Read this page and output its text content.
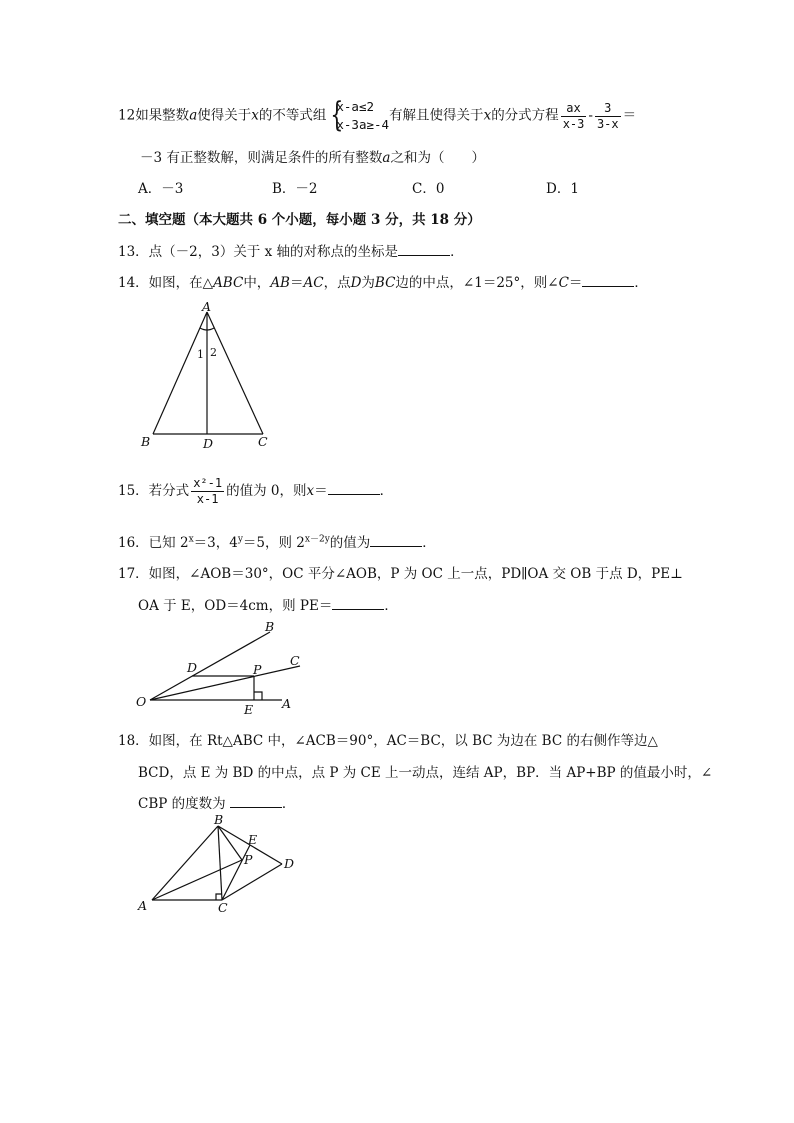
12如果整数a使得关于x的不等式组 {
x-a≤2
x-3a≥-4
有解且使得关于x的分式方程 $\frac{ax}{x-3} - \frac{3}{3-x}$ ＝
－3 有正整数解，则满足条件的所有整数a之和为（　　）
A．－3	B．－2	C．0	D．1
二、填空题（本大题共 6 个小题，每小题 3 分，共 18 分）
13．点（－2，3）关于 x 轴的对称点的坐标是	．
14．如图，在△ABC中，AB＝AC，点D为BC边的中点，∠1＝25°，则∠C＝	．
A
B	C
D
1 2
15．若分式 $\frac{\text{x²-1}}{x-1}$ 的值为 0，则x＝	．
16．已知 $2^x=3$，$4^y=5$，则 $2^{x-2y}$的值为	．
17．如图，∠AOB＝30°，OC 平分∠AOB，P 为 OC 上一点，PD∥OA 交 OB 于点 D，PE⊥
OA 于 E，OD＝4cm，则 PE＝	．
O	A
B
C
D
E
P
18．如图，在 Rt△ABC 中，∠ACB＝90°，AC＝BC，以 BC 为边在 BC 的右侧作等边△
BCD，点 E 为 BD 的中点，点 P 为 CE 上一动点，连结 AP，BP．当 AP+BP 的值最小时，∠
CBP 的度数为	．
A
B
C
D
E
P
